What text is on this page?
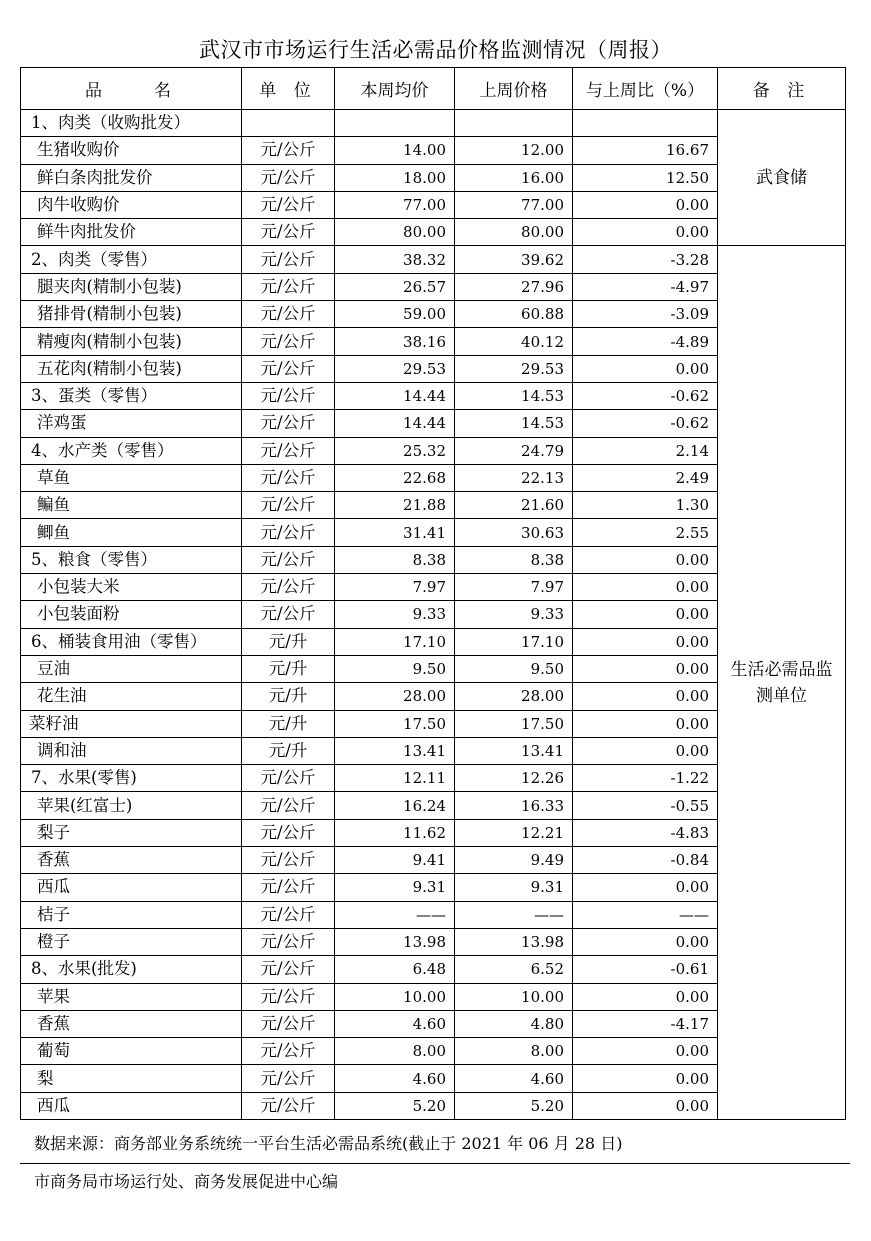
武汉市市场运行生活必需品价格监测情况（周报）
品　　名	单 位	本周均价	上周价格	与上周比（%）	备 注
1、肉类（收购批发）					武食储
生猪收购价	元/公斤	14.00	12.00	16.67	
鲜白条肉批发价	元/公斤	18.00	16.00	12.50	
肉牛收购价	元/公斤	77.00	77.00	0.00	
鲜牛肉批发价	元/公斤	80.00	80.00	0.00	
2、肉类（零售）	元/公斤	38.32	39.62	-3.28	生活必需品监测单位
腿夹肉(精制小包装)	元/公斤	26.57	27.96	-4.97	
猪排骨(精制小包装)	元/公斤	59.00	60.88	-3.09	
精瘦肉(精制小包装)	元/公斤	38.16	40.12	-4.89	
五花肉(精制小包装)	元/公斤	29.53	29.53	0.00	
3、蛋类（零售）	元/公斤	14.44	14.53	-0.62	
洋鸡蛋	元/公斤	14.44	14.53	-0.62	
4、水产类（零售）	元/公斤	25.32	24.79	2.14	
草鱼	元/公斤	22.68	22.13	2.49	
鳊鱼	元/公斤	21.88	21.60	1.30	
鲫鱼	元/公斤	31.41	30.63	2.55	
5、粮食（零售）	元/公斤	8.38	8.38	0.00	
小包装大米	元/公斤	7.97	7.97	0.00	
小包装面粉	元/公斤	9.33	9.33	0.00	
6、桶装食用油（零售）	元/升	17.10	17.10	0.00	
豆油	元/升	9.50	9.50	0.00	
花生油	元/升	28.00	28.00	0.00	
菜籽油	元/升	17.50	17.50	0.00	
调和油	元/升	13.41	13.41	0.00	
7、水果(零售)	元/公斤	12.11	12.26	-1.22	
苹果(红富士)	元/公斤	16.24	16.33	-0.55	
梨子	元/公斤	11.62	12.21	-4.83	
香蕉	元/公斤	9.41	9.49	-0.84	
西瓜	元/公斤	9.31	9.31	0.00	
桔子	元/公斤	——	——	——	
橙子	元/公斤	13.98	13.98	0.00	
8、水果(批发)	元/公斤	6.48	6.52	-0.61	
苹果	元/公斤	10.00	10.00	0.00	
香蕉	元/公斤	4.60	4.80	-4.17	
葡萄	元/公斤	8.00	8.00	0.00	
梨	元/公斤	4.60	4.60	0.00	
西瓜	元/公斤	5.20	5.20	0.00	
数据来源：商务部业务系统统一平台生活必需品系统(截止于 2021 年 06 月 28 日)
市商务局市场运行处、商务发展促进中心编
